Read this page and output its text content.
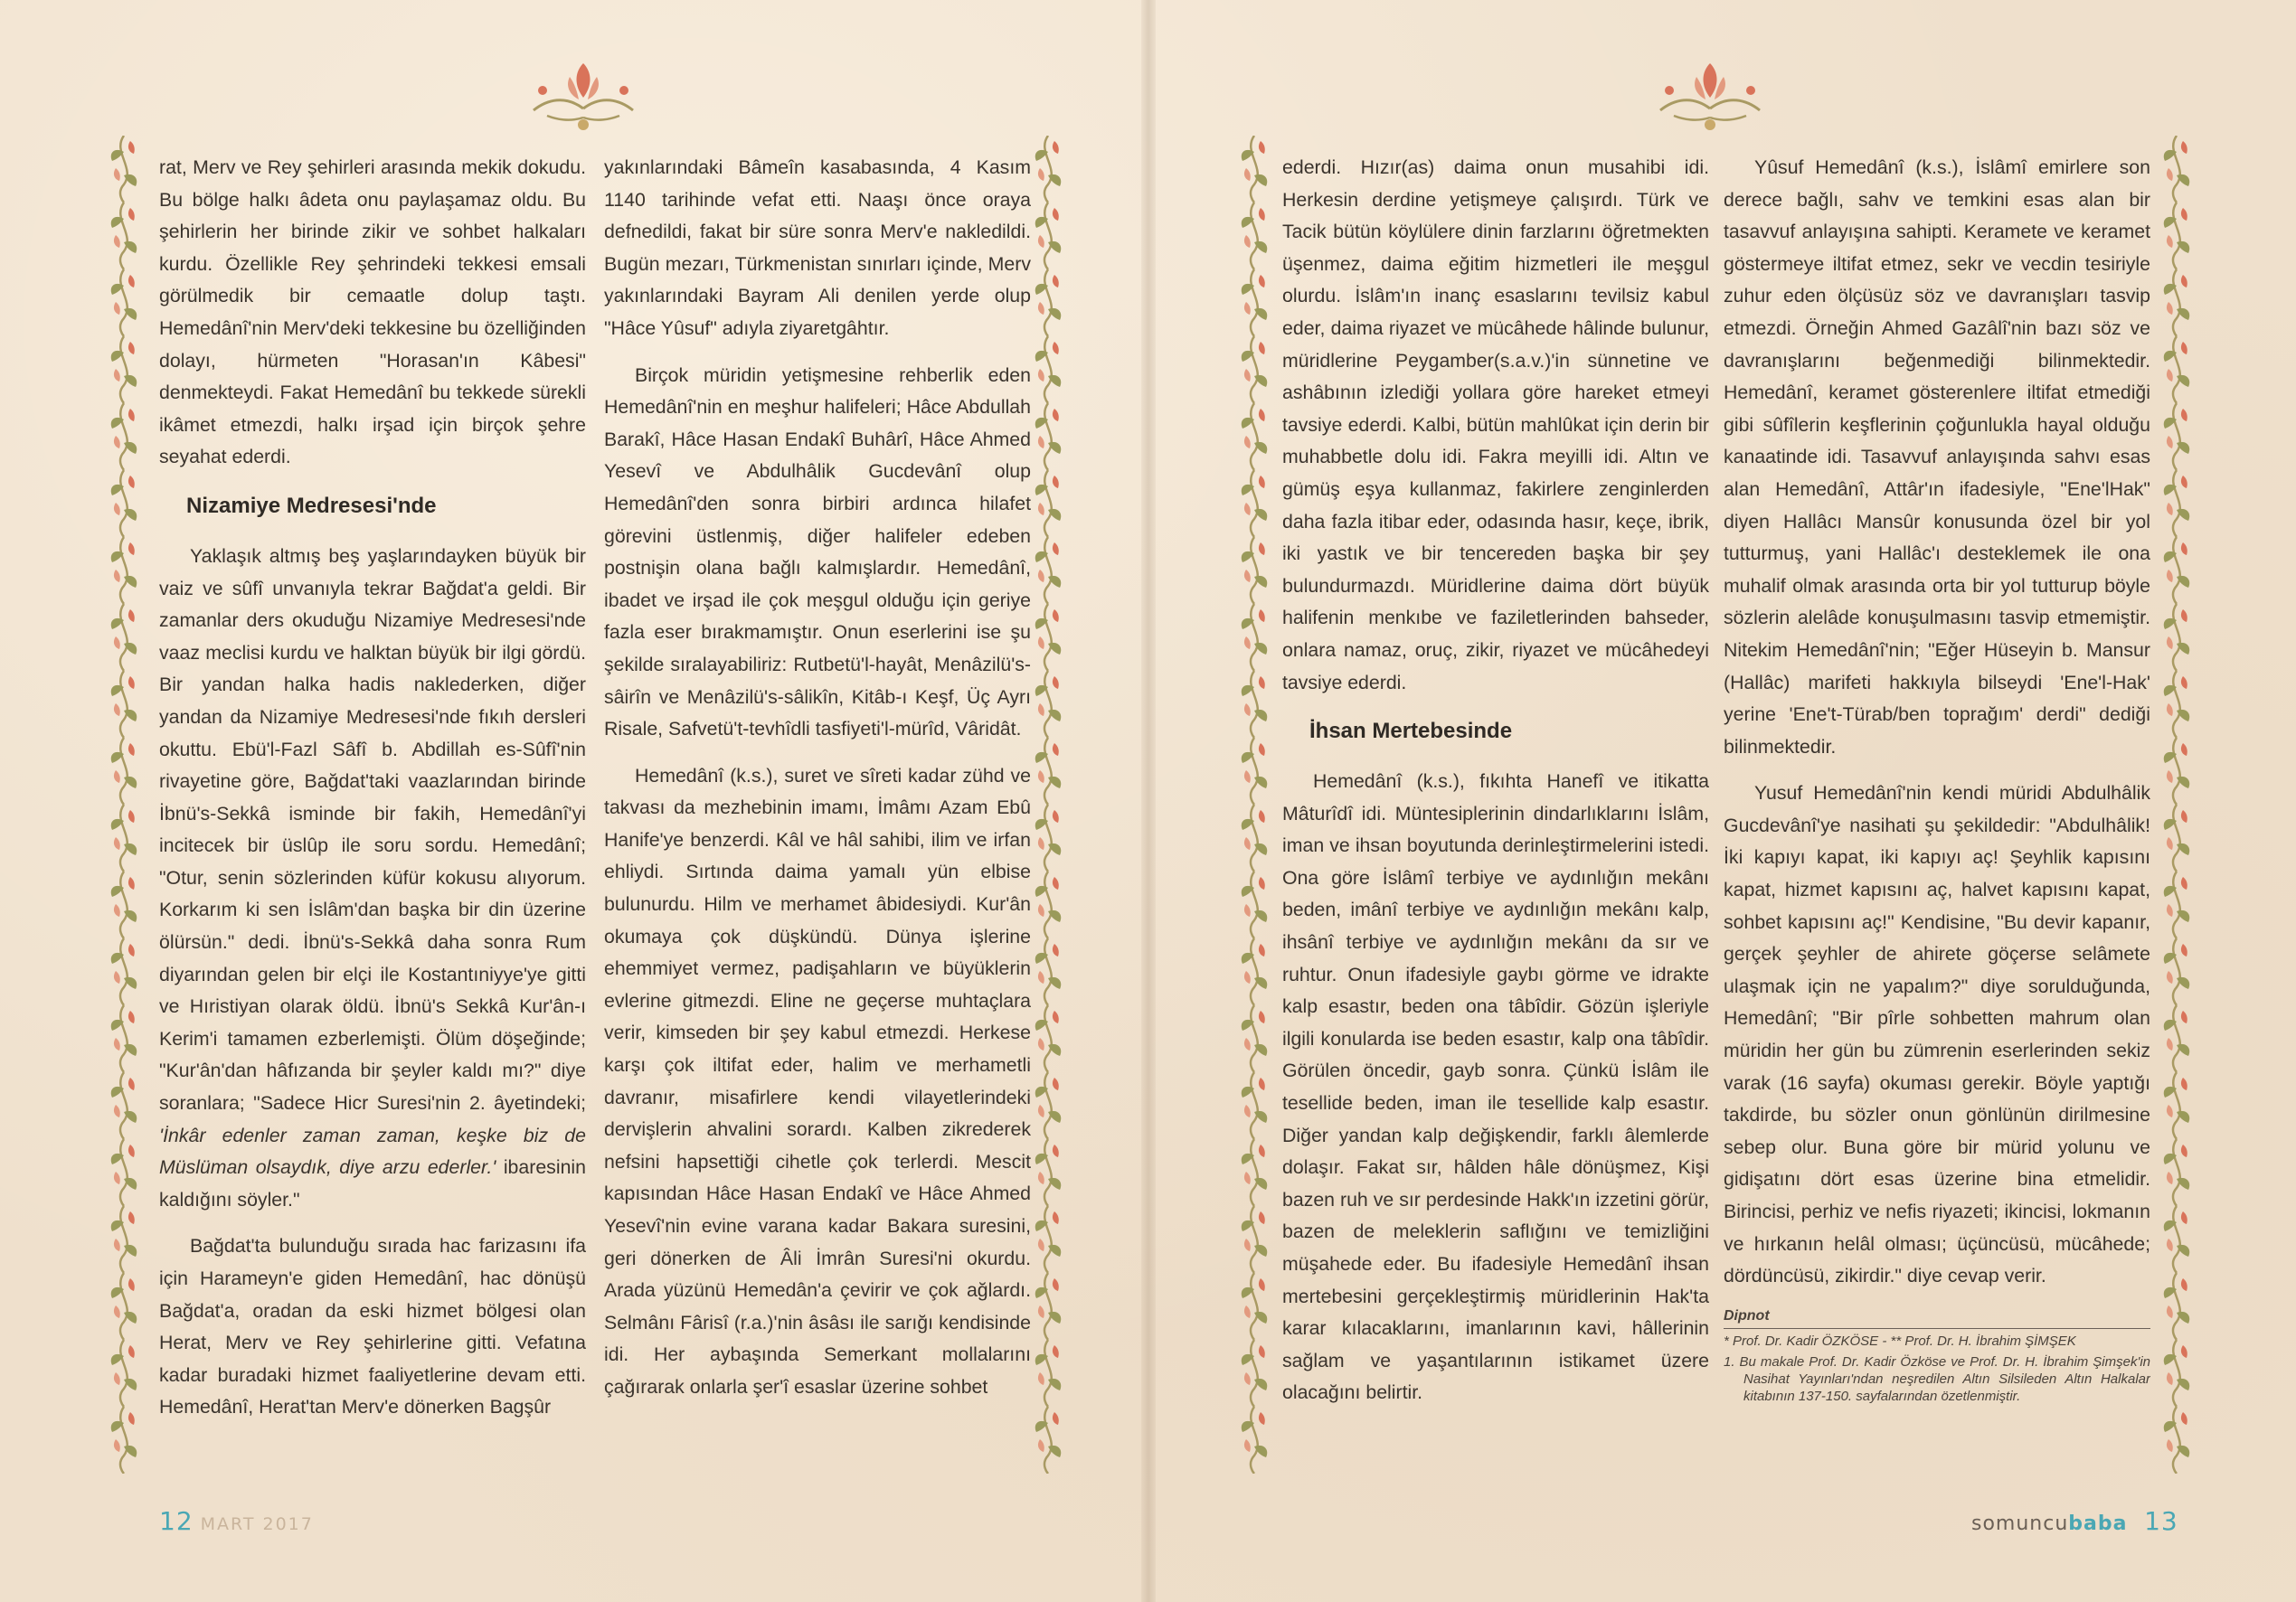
rat, Merv ve Rey şehirleri arasında mekik dokudu. Bu bölge halkı âdeta onu paylaşamaz oldu. Bu şehirlerin her birinde zikir ve sohbet halkaları kurdu. Özellikle Rey şehrindeki tekkesi emsali görülmedik bir cemaatle dolup taştı. Hemedânî'nin Merv'deki tekkesine bu özelliğinden dolayı, hürmeten "Horasan'ın Kâbesi" denmekteydi. Fakat Hemedânî bu tekkede sürekli ikâmet etmezdi, halkı irşad için birçok şehre seyahat ederdi.

Nizamiye Medresesi'nde

Yaklaşık altmış beş yaşlarındayken büyük bir vaiz ve sûfî unvanıyla tekrar Bağdat'a geldi. Bir zamanlar ders okuduğu Nizamiye Medresesi'nde vaaz meclisi kurdu ve halktan büyük bir ilgi gördü. Bir yandan halka hadis naklederken, diğer yandan da Nizamiye Medresesi'nde fıkıh dersleri okuttu. Ebü'l-Fazl Sâfî b. Abdillah es-Sûfî'nin rivayetine göre, Bağdat'taki vaazlarından birinde İbnü's-Sekkâ isminde bir fakih, Hemedânî'yi incitecek bir üslûp ile soru sordu. Hemedânî; "Otur, senin sözlerinden küfür kokusu alıyorum. Korkarım ki sen İslâm'dan başka bir din üzerine ölürsün." dedi. İbnü's-Sekkâ daha sonra Rum diyarından gelen bir elçi ile Kostantıniyye'ye gitti ve Hıristiyan olarak öldü. İbnü's Sekkâ Kur'ân-ı Kerim'i tamamen ezberlemişti. Ölüm döşeğinde; "Kur'ân'dan hâfızanda bir şeyler kaldı mı?" diye soranlara; "Sadece Hicr Suresi'nin 2. âyetindeki; 'İnkâr edenler zaman zaman, keşke biz de Müslüman olsaydık, diye arzu ederler.' ibaresinin kaldığını söyler."

Bağdat'ta bulunduğu sırada hac farizasını ifa için Harameyn'e giden Hemedânî, hac dönüşü Bağdat'a, oradan da eski hizmet bölgesi olan Herat, Merv ve Rey şehirlerine gitti. Vefatına kadar buradaki hizmet faaliyetlerine devam etti. Hemedânî, Herat'tan Merv'e dönerken Bagşûr

yakınlarındaki Bâmeîn kasabasında, 4 Kasım 1140 tarihinde vefat etti. Naaşı önce oraya defnedildi, fakat bir süre sonra Merv'e nakledildi. Bugün mezarı, Türkmenistan sınırları içinde, Merv yakınlarındaki Bayram Ali denilen yerde olup "Hâce Yûsuf" adıyla ziyaretgâhtır.

Birçok müridin yetişmesine rehberlik eden Hemedânî'nin en meşhur halifeleri; Hâce Abdullah Barakî, Hâce Hasan Endakî Buhârî, Hâce Ahmed Yesevî ve Abdulhâlik Gucdevânî olup Hemedânî'den sonra birbiri ardınca hilafet görevini üstlenmiş, diğer halifeler edeben postnişin olana bağlı kalmışlardır. Hemedânî, ibadet ve irşad ile çok meşgul olduğu için geriye fazla eser bırakmamıştır. Onun eserlerini ise şu şekilde sıralayabiliriz: Rutbetü'l-hayât, Menâzilü's-sâirîn ve Menâzilü's-sâlikîn, Kitâb-ı Keşf, Üç Ayrı Risale, Safvetü't-tevhîdli tasfiyeti'l-mürîd, Vâridât.

Hemedânî (k.s.), suret ve sîreti kadar zühd ve takvası da mezhebinin imamı, İmâmı Azam Ebû Hanife'ye benzerdi. Kâl ve hâl sahibi, ilim ve irfan ehliydi. Sırtında daima yamalı yün elbise bulunurdu. Hilm ve merhamet âbidesiydi. Kur'ân okumaya çok düşkündü. Dünya işlerine ehemmiyet vermez, padişahların ve büyüklerin evlerine gitmezdi. Eline ne geçerse muhtaçlara verir, kimseden bir şey kabul etmezdi. Herkese karşı çok iltifat eder, halim ve merhametli davranır, misafirlere kendi vilayetlerindeki dervişlerin ahvalini sorardı. Kalben zikrederek nefsini hapsettiği cihetle çok terlerdi. Mescit kapısından Hâce Hasan Endakî ve Hâce Ahmed Yesevî'nin evine varana kadar Bakara suresini, geri dönerken de Âli İmrân Suresi'ni okurdu. Arada yüzünü Hemedân'a çevirir ve çok ağlardı. Selmânı Fârisî (r.a.)'nin âsâsı ile sarığı kendisinde idi. Her aybaşında Semerkant mollalarını çağırarak onlarla şer'î esaslar üzerine sohbet

ederdi. Hızır(as) daima onun musahibi idi. Herkesin derdine yetişmeye çalışırdı. Türk ve Tacik bütün köylülere dinin farzlarını öğretmekten üşenmez, daima eğitim hizmetleri ile meşgul olurdu. İslâm'ın inanç esaslarını tevilsiz kabul eder, daima riyazet ve mücâhede hâlinde bulunur, müridlerine Peygamber(s.a.v.)'in sünnetine ve ashâbının izlediği yollara göre hareket etmeyi tavsiye ederdi. Kalbi, bütün mahlûkat için derin bir muhabbetle dolu idi. Fakra meyilli idi. Altın ve gümüş eşya kullanmaz, fakirlere zenginlerden daha fazla itibar eder, odasında hasır, keçe, ibrik, iki yastık ve bir tencereden başka bir şey bulundurmazdı. Müridlerine daima dört büyük halifenin menkıbe ve faziletlerinden bahseder, onlara namaz, oruç, zikir, riyazet ve mücâhedeyi tavsiye ederdi.

İhsan Mertebesinde

Hemedânî (k.s.), fıkıhta Hanefî ve itikatta Mâturîdî idi. Müntesiplerinin dindarlıklarını İslâm, iman ve ihsan boyutunda derinleştirmelerini istedi. Ona göre İslâmî terbiye ve aydınlığın mekânı beden, imânî terbiye ve aydınlığın mekânı kalp, ihsânî terbiye ve aydınlığın mekânı da sır ve ruhtur. Onun ifadesiyle gaybı görme ve idrakte kalp esastır, beden ona tâbîdir. Gözün işleriyle ilgili konularda ise beden esastır, kalp ona tâbîdir. Görülen öncedir, gayb sonra. Çünkü İslâm ile tesellide beden, iman ile tesellide kalp esastır. Diğer yandan kalp değişkendir, farklı âlemlerde dolaşır. Fakat sır, hâlden hâle dönüşmez, Kişi bazen ruh ve sır perdesinde Hakk'ın izzetini görür, bazen de meleklerin saflığını ve temizliğini müşahede eder. Bu ifadesiyle Hemedânî ihsan mertebesini gerçekleştirmiş müridlerinin Hak'ta karar kılacaklarını, imanlarının kavi, hâllerinin sağlam ve yaşantılarının istikamet üzere olacağını belirtir.

Yûsuf Hemedânî (k.s.), İslâmî emirlere son derece bağlı, sahv ve temkini esas alan bir tasavvuf anlayışına sahipti. Keramete ve keramet göstermeye iltifat etmez, sekr ve vecdin tesiriyle zuhur eden ölçüsüz söz ve davranışları tasvip etmezdi. Örneğin Ahmed Gazâlî'nin bazı söz ve davranışlarını beğenmediği bilinmektedir. Hemedânî, keramet gösterenlere iltifat etmediği gibi sûfîlerin keşflerinin çoğunlukla hayal olduğu kanaatinde idi. Tasavvuf anlayışında sahvı esas alan Hemedânî, Attâr'ın ifadesiyle, "Ene'lHak" diyen Hallâcı Mansûr konusunda özel bir yol tutturmuş, yani Hallâc'ı desteklemek ile ona muhalif olmak arasında orta bir yol tutturup böyle sözlerin alelâde konuşulmasını tasvip etmemiştir. Nitekim Hemedânî'nin; "Eğer Hüseyin b. Mansur (Hallâc) marifeti hakkıyla bilseydi 'Ene'l-Hak' yerine 'Ene't-Türab/ben toprağım' derdi" dediği bilinmektedir.

Yusuf Hemedânî'nin kendi müridi Abdulhâlik Gucdevânî'ye nasihati şu şekildedir: "Abdulhâlik! İki kapıyı kapat, iki kapıyı aç! Şeyhlik kapısını kapat, hizmet kapısını aç, halvet kapısını kapat, sohbet kapısını aç!" Kendisine, "Bu devir kapanır, gerçek şeyhler de ahirete göçerse selâmete ulaşmak için ne yapalım?" diye sorulduğunda, Hemedânî; "Bir pîrle sohbetten mahrum olan müridin her gün bu zümrenin eserlerinden sekiz varak (16 sayfa) okuması gerekir. Böyle yaptığı takdirde, bu sözler onun gönlünün dirilmesine sebep olur. Buna göre bir mürid yolunu ve gidişatını dört esas üzerine bina etmelidir. Birincisi, perhiz ve nefis riyazeti; ikincisi, lokmanın ve hırkanın helâl olması; üçüncüsü, mücâhede; dördüncüsü, zikirdir." diye cevap verir.

Dipnot
* Prof. Dr. Kadir ÖZKÖSE - ** Prof. Dr. H. İbrahim ŞİMŞEK
1. Bu makale Prof. Dr. Kadir Özköse ve Prof. Dr. H. İbrahim Şimşek'in Nasihat Yayınları'ndan neşredilen Altın Silsileden Altın Halkalar kitabının 137-150. sayfalarından özetlenmiştir.
12 MART 2017	somuncubaba 13
